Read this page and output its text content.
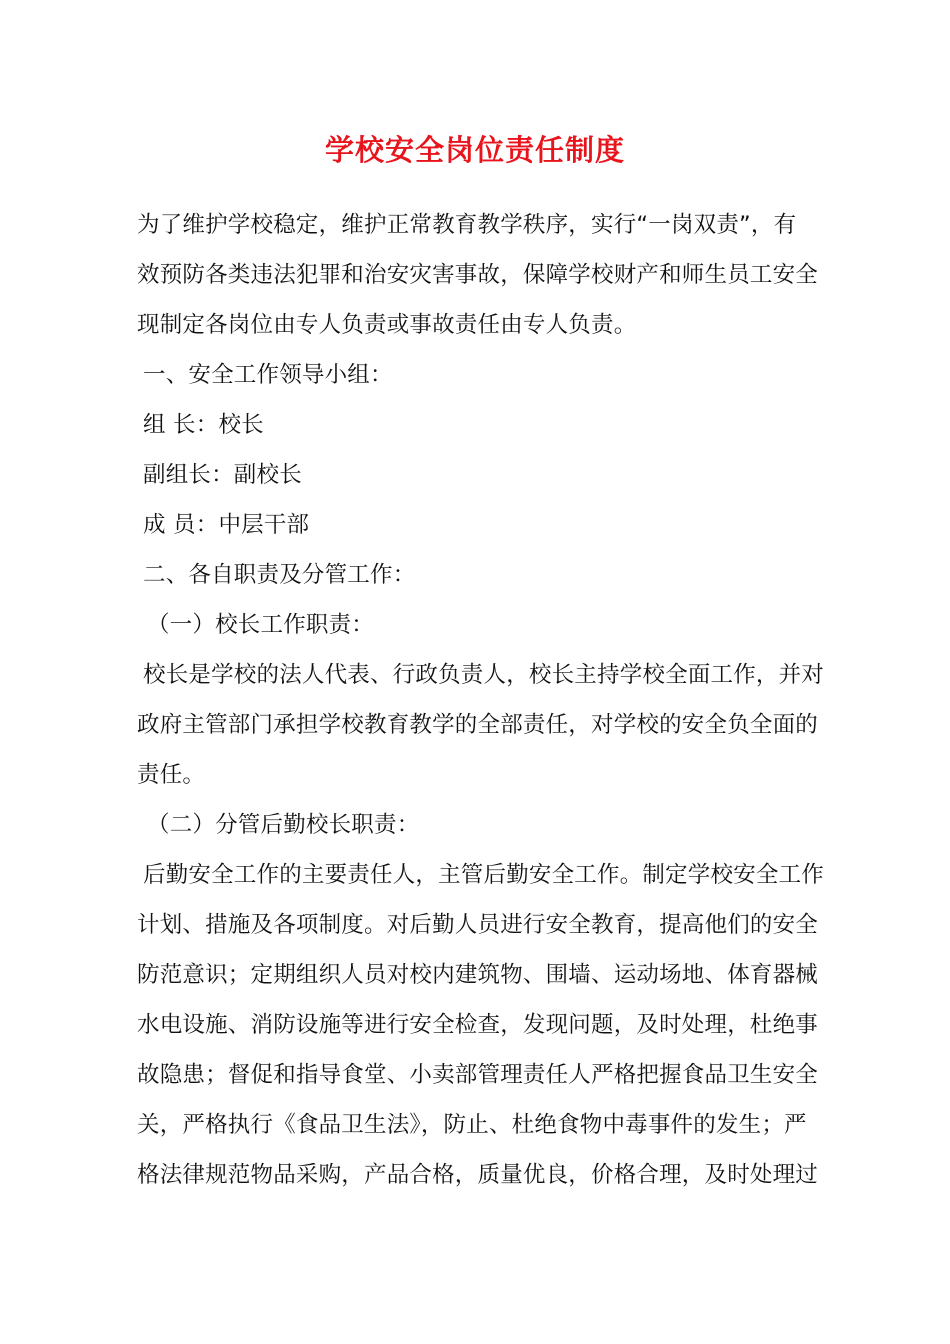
学校安全岗位责任制度
为了维护学校稳定，维护正常教育教学秩序，实行“一岗双责”，有
效预防各类违法犯罪和治安灾害事故，保障学校财产和师生员工安全
现制定各岗位由专人负责或事故责任由专人负责。
一、安全工作领导小组：
组 长：校长
副组长：副校长
成 员：中层干部
二、各自职责及分管工作：
（一）校长工作职责：
校长是学校的法人代表、行政负责人，校长主持学校全面工作，并对
政府主管部门承担学校教育教学的全部责任，对学校的安全负全面的
责任。
（二）分管后勤校长职责：
后勤安全工作的主要责任人，主管后勤安全工作。制定学校安全工作
计划、措施及各项制度。对后勤人员进行安全教育，提高他们的安全
防范意识；定期组织人员对校内建筑物、围墙、运动场地、体育器械
水电设施、消防设施等进行安全检查，发现问题，及时处理，杜绝事
故隐患；督促和指导食堂、小卖部管理责任人严格把握食品卫生安全
关，严格执行《食品卫生法》，防止、杜绝食物中毒事件的发生；严
格法律规范物品采购，产品合格，质量优良，价格合理，及时处理过
